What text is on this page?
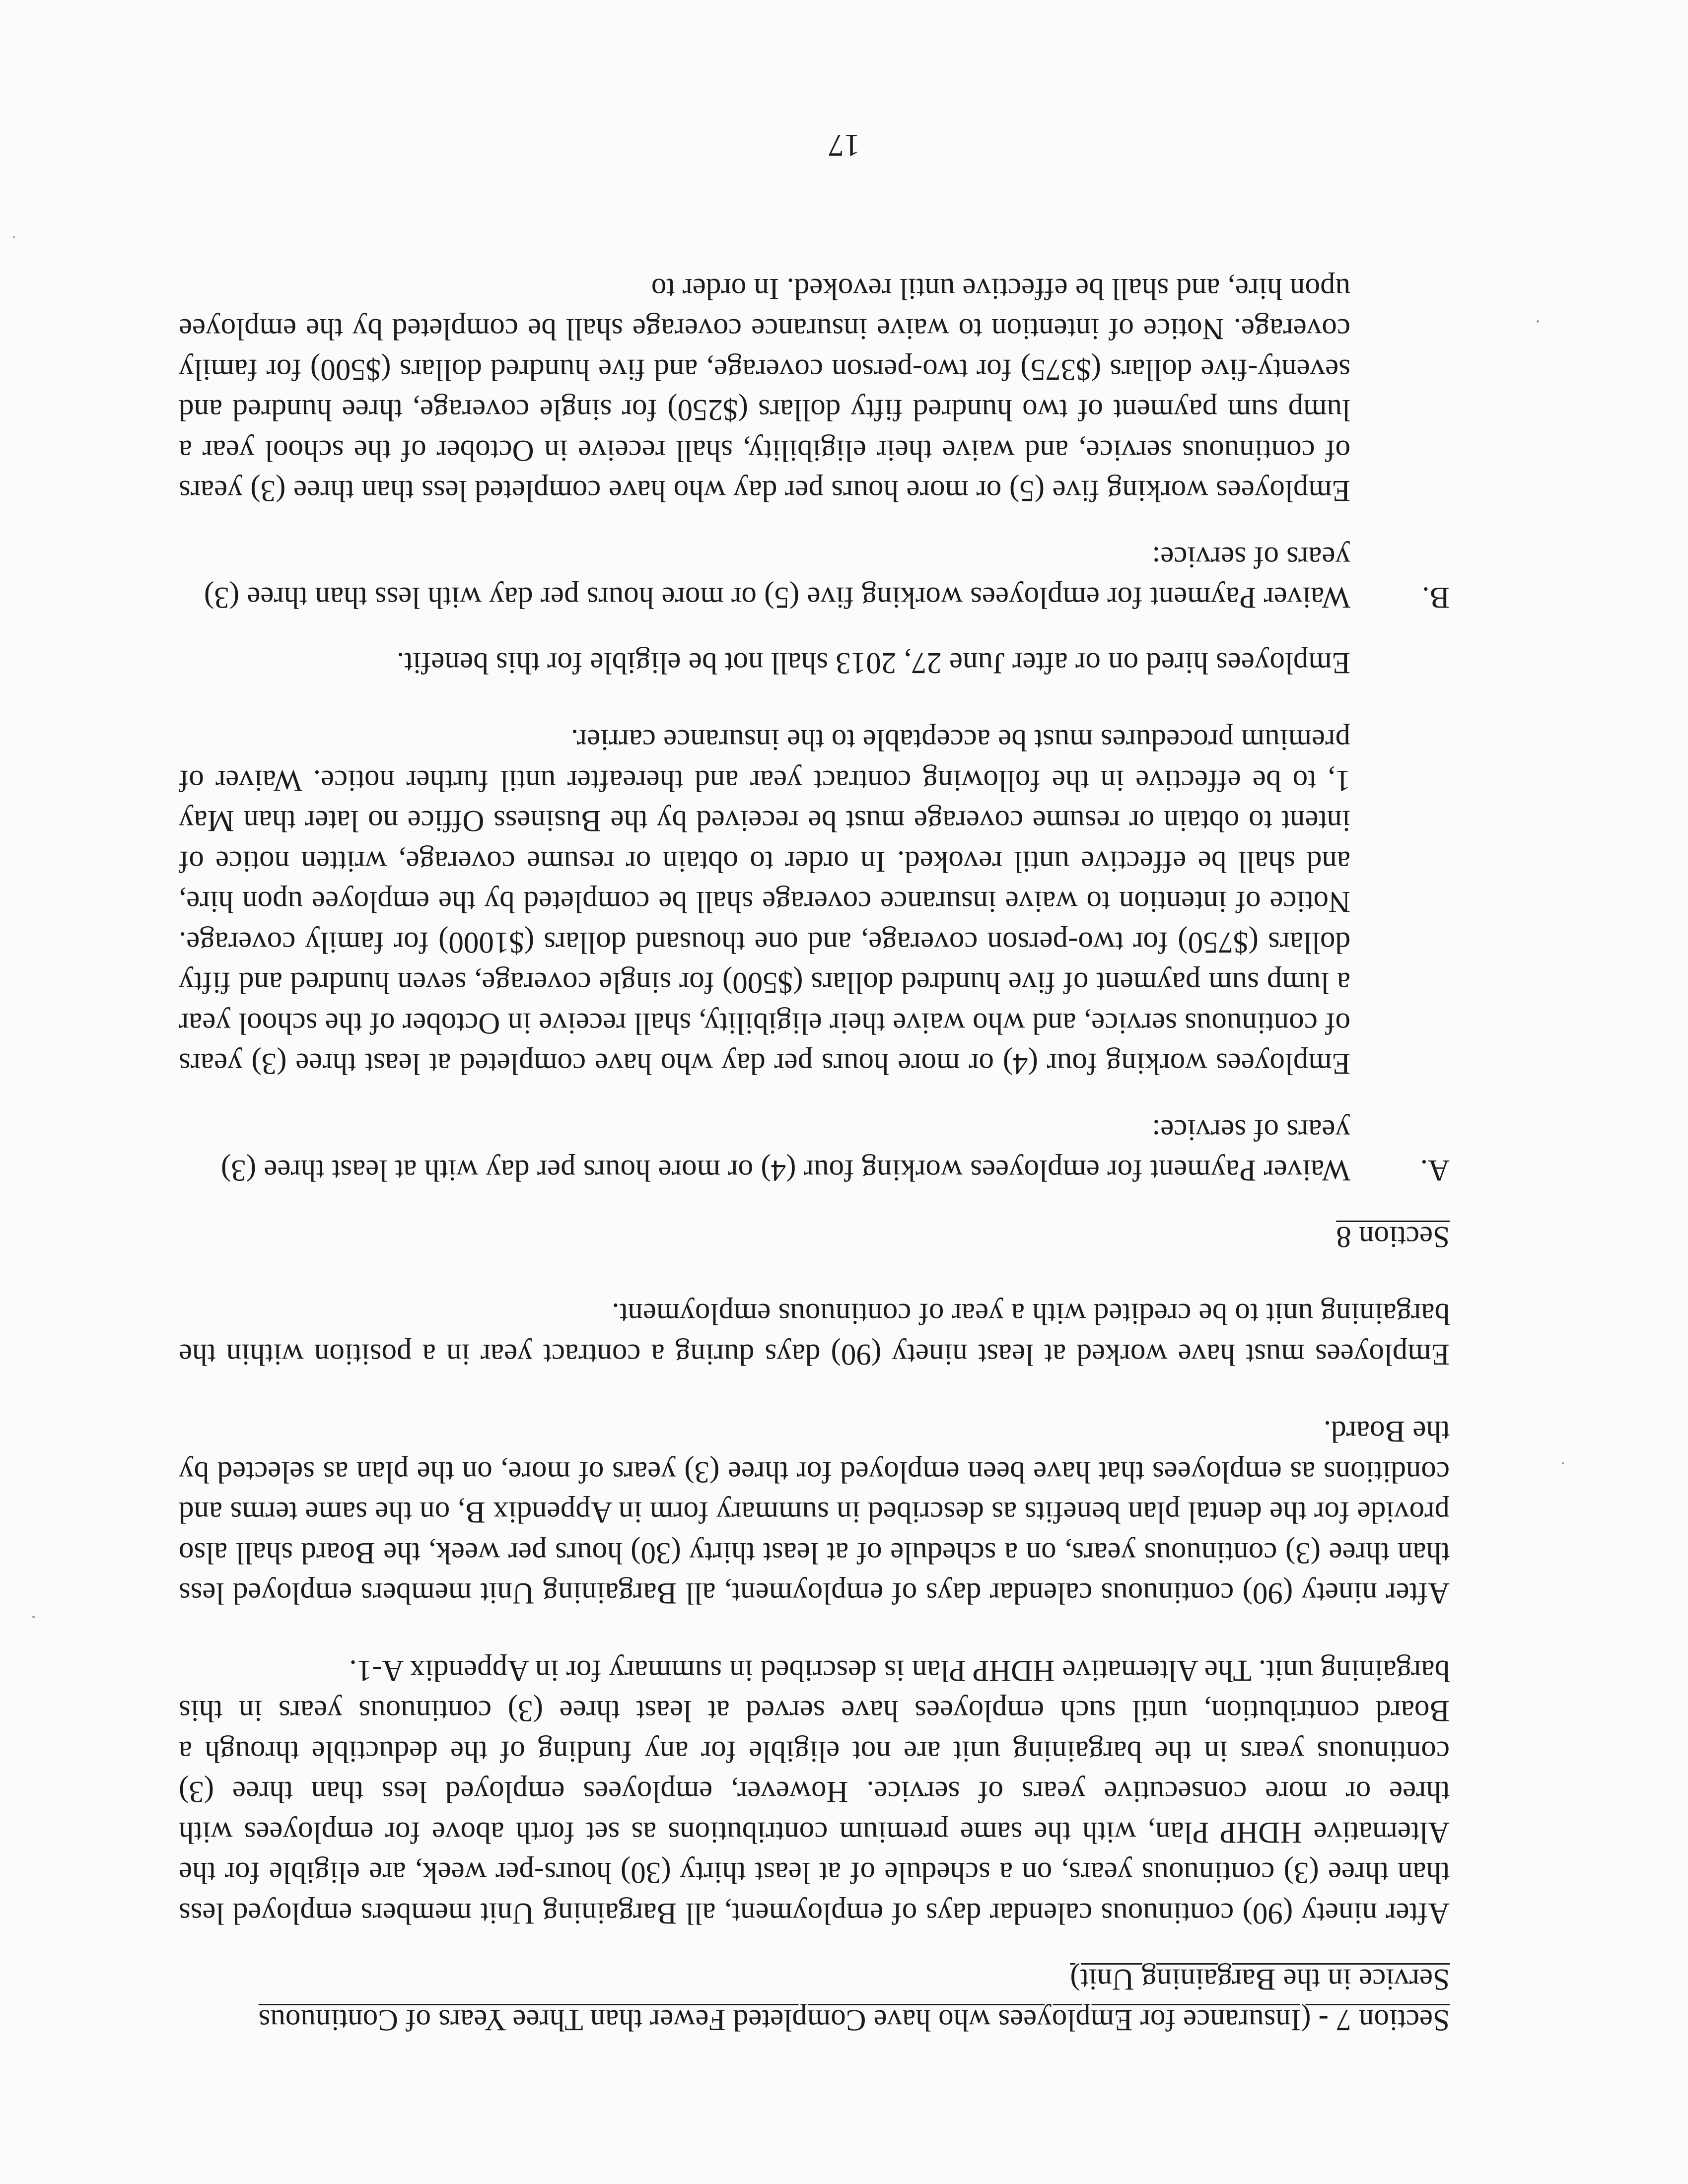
Section 7 - (Insurance for Employees who have Completed Fewer than Three Years of Continuous
Service in the Bargaining Unit)

After ninety (90) continuous calendar days of employment, all Bargaining Unit members employed less than three (3) continuous years, on a schedule of at least thirty (30) hours-per week, are eligible for the Alternative HDHP Plan, with the same premium contributions as set forth above for employees with three or more consecutive years of service. However, employees employed less than three (3) continuous years in the bargaining unit are not eligible for any funding of the deductible through a Board contribution, until such employees have served at least three (3) continuous years in this bargaining unit. The Alternative HDHP Plan is described in summary for in Appendix A-1.

After ninety (90) continuous calendar days of employment, all Bargaining Unit members employed less than three (3) continuous years, on a schedule of at least thirty (30) hours per week, the Board shall also provide for the dental plan benefits as described in summary form in Appendix B, on the same terms and conditions as employees that have been employed for three (3) years of more, on the plan as selected by the Board.

Employees must have worked at least ninety (90) days during a contract year in a position within the bargaining unit to be credited with a year of continuous employment.

Section 8
A.
Waiver Payment for employees working four (4) or more hours per day with at least three (3) years of service:

Employees working four (4) or more hours per day who have completed at least three (3) years of continuous service, and who waive their eligibility, shall receive in October of the school year a lump sum payment of five hundred dollars ($500) for single coverage, seven hundred and fifty dollars ($750) for two-person coverage, and one thousand dollars ($1000) for family coverage. Notice of intention to waive insurance coverage shall be completed by the employee upon hire, and shall be effective until revoked. In order to obtain or resume coverage, written notice of intent to obtain or resume coverage must be received by the Business Office no later than May 1, to be effective in the following contract year and thereafter until further notice. Waiver of premium procedures must be acceptable to the insurance carrier.

Employees hired on or after June 27, 2013 shall not be eligible for this benefit.

B.
Waiver Payment for employees working five (5) or more hours per day with less than three (3) years of service:

Employees working five (5) or more hours per day who have completed less than three (3) years of continuous service, and waive their eligibility, shall receive in October of the school year a lump sum payment of two hundred fifty dollars ($250) for single coverage, three hundred and seventy-five dollars ($375) for two-person coverage, and five hundred dollars ($500) for family coverage. Notice of intention to waive insurance coverage shall be completed by the employee upon hire, and shall be effective until revoked. In order to

17
